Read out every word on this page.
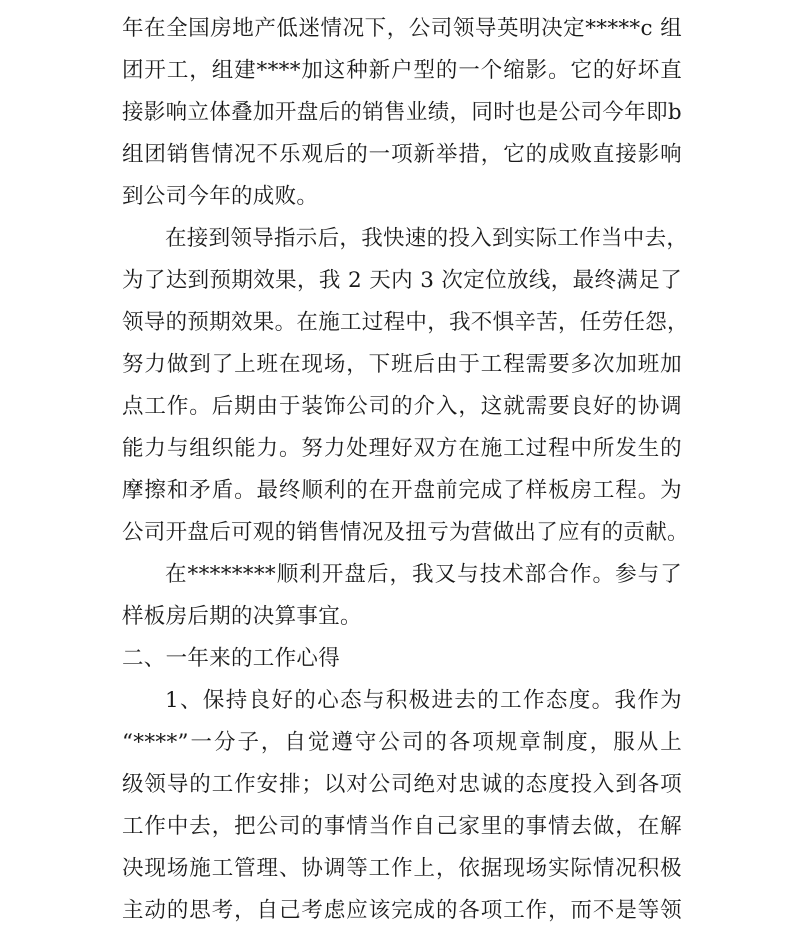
年在全国房地产低迷情况下，公司领导英明决定*****c 组
团开工，组建****加这种新户型的一个缩影。它的好坏直
接影响立体叠加开盘后的销售业绩，同时也是公司今年即b
组团销售情况不乐观后的一项新举措，它的成败直接影响
到公司今年的成败。
在接到领导指示后，我快速的投入到实际工作当中去，
为了达到预期效果，我 2 天内 3 次定位放线，最终满足了
领导的预期效果。在施工过程中，我不惧辛苦，任劳任怨，
努力做到了上班在现场，下班后由于工程需要多次加班加
点工作。后期由于装饰公司的介入，这就需要良好的协调
能力与组织能力。努力处理好双方在施工过程中所发生的
摩擦和矛盾。最终顺利的在开盘前完成了样板房工程。为
公司开盘后可观的销售情况及扭亏为营做出了应有的贡献。
在********顺利开盘后，我又与技术部合作。参与了
样板房后期的决算事宜。
二、一年来的工作心得
1、保持良好的心态与积极进去的工作态度。我作为
“****”一分子，自觉遵守公司的各项规章制度，服从上
级领导的工作安排；以对公司绝对忠诚的态度投入到各项
工作中去，把公司的事情当作自己家里的事情去做，在解
决现场施工管理、协调等工作上，依据现场实际情况积极
主动的思考，自己考虑应该完成的各项工作，而不是等领
